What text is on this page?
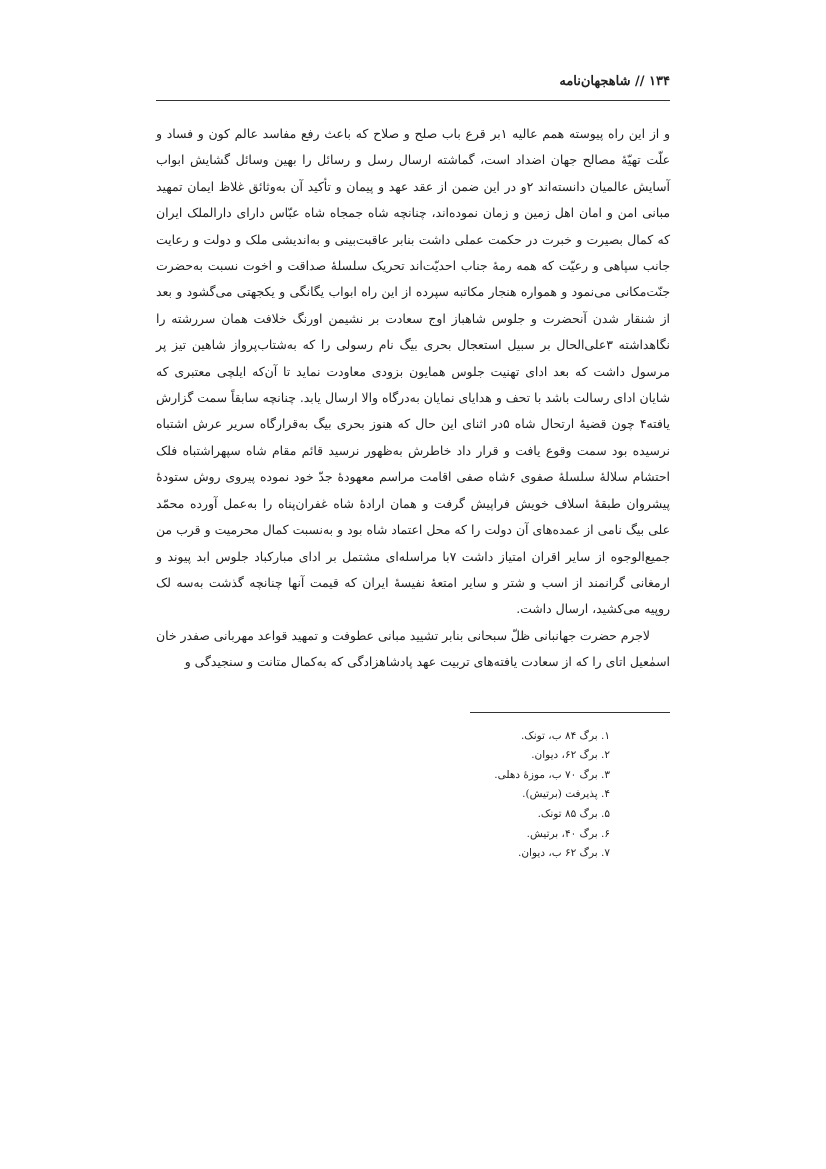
۱۳۴ // شاهجهان‌نامه

و از این راه پیوسته همم عالیه ۱بر قرع باب صلح و صلاح که باعث رفع مفاسد عالم کون و فساد و علّت تهیّهٔ مصالح جهان اضداد است، گماشته ارسال رسل و رسائل را بهین وسائل گشایش ابواب آسایش عالمیان دانسته‌اند ۲و در این ضمن از عقد عهد و پیمان و تأکید آن به‌وثائق غلاظ ایمان تمهید مبانی امن و امان اهل زمین و زمان نموده‌اند، چنانچه شاه جمجاه شاه عبّاس دارای دارالملک ایران که کمال بصیرت و خبرت در حکمت عملی داشت بنابر عاقبت‌بینی و به‌اندیشی ملک و دولت و رعایت جانب سپاهی و رعیّت که همه رمهٔ جناب احدیّت‌اند تحریک سلسلهٔ صداقت و اخوت نسبت به‌حضرت جنّت‌مکانی می‌نمود و همواره هنجار مکاتبه سپرده از این راه ابواب یگانگی و یکجهتی می‌گشود و بعد از شنقار شدن آنحضرت و جلوس شاهباز اوج سعادت بر نشیمن اورنگ خلافت همان سررشته را نگاهداشته ۳علی‌الحال بر سبیل استعجال بحری بیگ نام رسولی را که به‌شتاب‌پرواز شاهین تیز پر مرسول داشت که بعد ادای تهنیت جلوس همایون بزودی معاودت نماید تا آن‌که ایلچی معتبری که شایان ادای رسالت باشد با تحف و هدایای نمایان به‌درگاه والا ارسال یابد. چنانچه سابقاً سمت گزارش یافته۴ چون قضیهٔ ارتحال شاه ۵در اثنای این حال که هنوز بحری بیگ به‌قرارگاه سریر عرش اشتباه نرسیده بود سمت وقوع یافت و قرار داد خاطرش به‌ظهور نرسید قائم مقام شاه سپهراشتباه فلک احتشام سلالهٔ سلسلهٔ صفوی ۶شاه صفی اقامت مراسم معهودهٔ جدّ خود نموده پیروی روش ستودهٔ پیشروان طبقهٔ اسلاف خویش فراپیش گرفت و همان ارادهٔ شاه غفران‌پناه را به‌عمل آورده محمّد علی بیگ نامی از عمده‌های آن دولت را که محل اعتماد شاه بود و به‌نسبت کمال محرمیت و قرب من جمیع‌الوجوه از سایر اقران امتیاز داشت ۷با مراسله‌ای مشتمل بر ادای مبارکباد جلوس ابد پیوند و ارمغانی گرانمند از اسب و شتر و سایر امتعهٔ نفیسهٔ ایران که قیمت آنها چنانچه گذشت به‌سه لک روپیه می‌کشید، ارسال داشت.

لاجرم حضرت جهانبانی ظلّ سبحانی بنابر تشیید مبانی عطوفت و تمهید قواعد مهربانی صفدر خان اسمٰعیل اتای را که از سعادت یافته‌های تربیت عهد پادشاهزادگی که به‌کمال متانت و سنجیدگی و

۱. برگ ۸۴ ب، تونک.
۲. برگ ۶۲، دیوان.
۳. برگ ۷۰ ب، موزهٔ دهلی.
۴. پذیرفت (برتیش).
۵. برگ ۸۵ تونک.
۶. برگ ۴۰، برتیش.
۷. برگ ۶۲ ب، دیوان.
